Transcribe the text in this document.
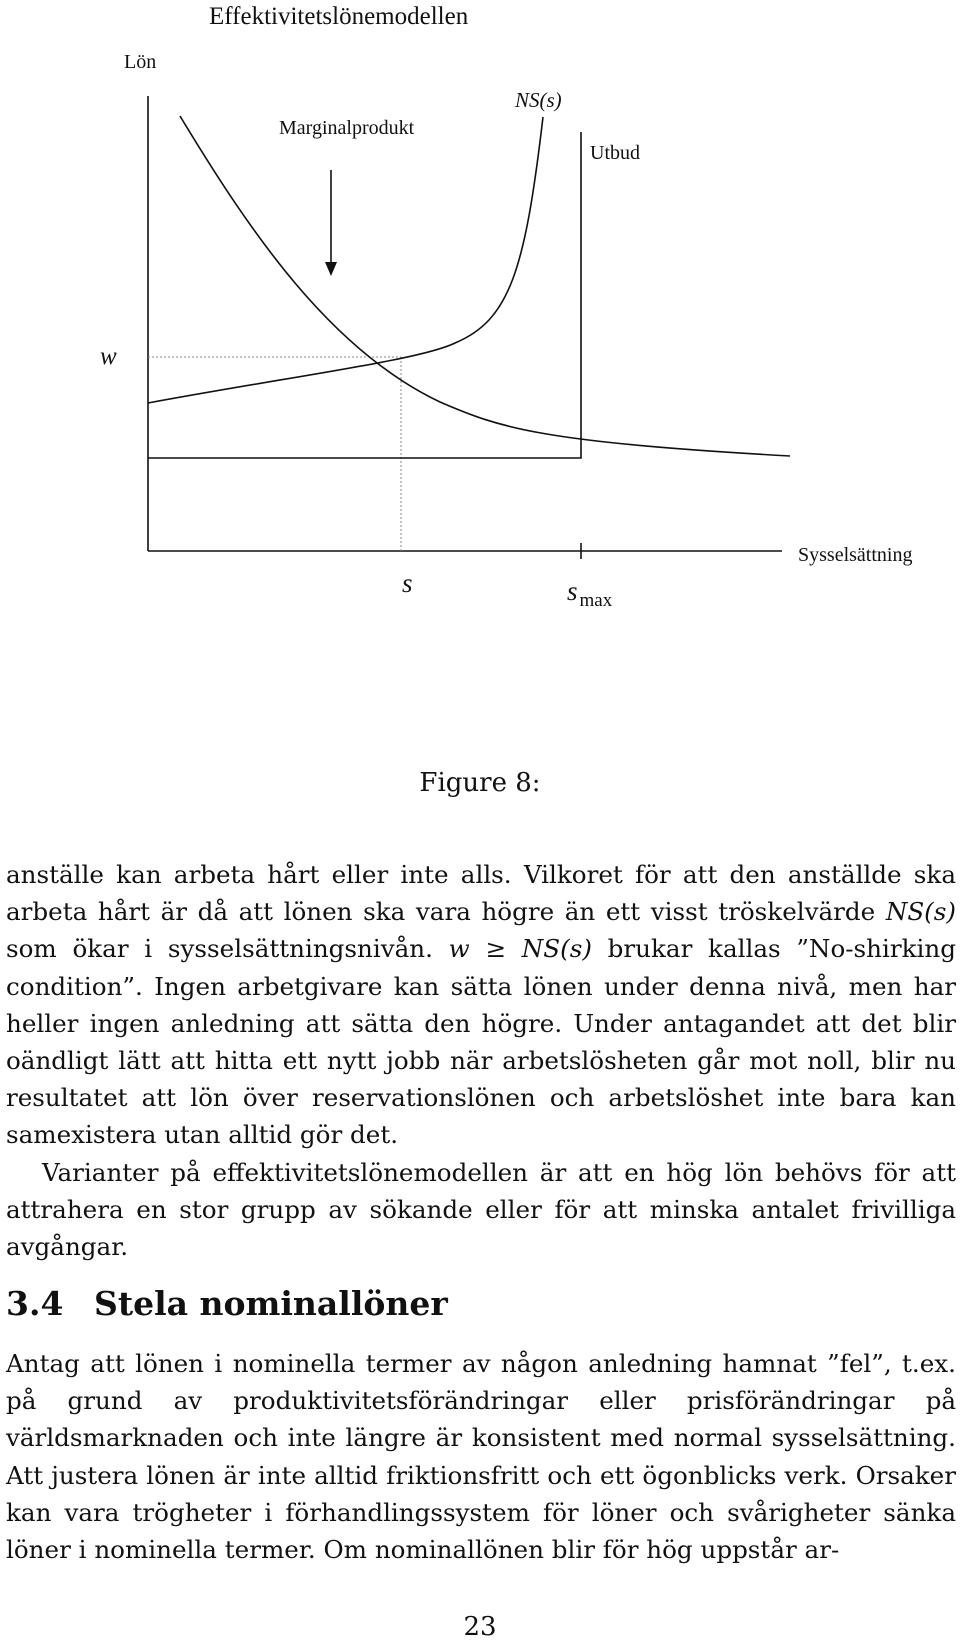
Effektivitetslönemodellen
Lön
Marginalprodukt
NS(s)
Utbud
w
Sysselsättning
s	s $_{max}$
Figure 8:

anställe kan arbeta hårt eller inte alls. Vilkoret för att den anställde ska arbeta hårt är då att lönen ska vara högre än ett visst tröskelvärde NS(s) som ökar i sysselsättningsnivån. w ≥ NS(s) brukar kallas ”No-shirking condition”. Ingen arbetgivare kan sätta lönen under denna nivå, men har heller ingen anledning att sätta den högre. Under antagandet att det blir oändligt lätt att hitta ett nytt jobb när arbetslösheten går mot noll, blir nu resultatet att lön över reservationslönen och arbetslöshet inte bara kan samexistera utan alltid gör det.

Varianter på effektivitetslönemodellen är att en hög lön behövs för att attrahera en stor grupp av sökande eller för att minska antalet frivilliga avgångar.

3.4 Stela nominallöner

Antag att lönen i nominella termer av någon anledning hamnat ”fel”, t.ex. på grund av produktivitetsförändringar eller prisförändringar på världsmarknaden och inte längre är konsistent med normal sysselsättning. Att justera lönen är inte alltid friktionsfritt och ett ögonblicks verk. Orsaker kan vara trögheter i förhandlingssystem för löner och svårigheter sänka löner i nominella termer. Om nominallönen blir för hög uppstår ar-

23
